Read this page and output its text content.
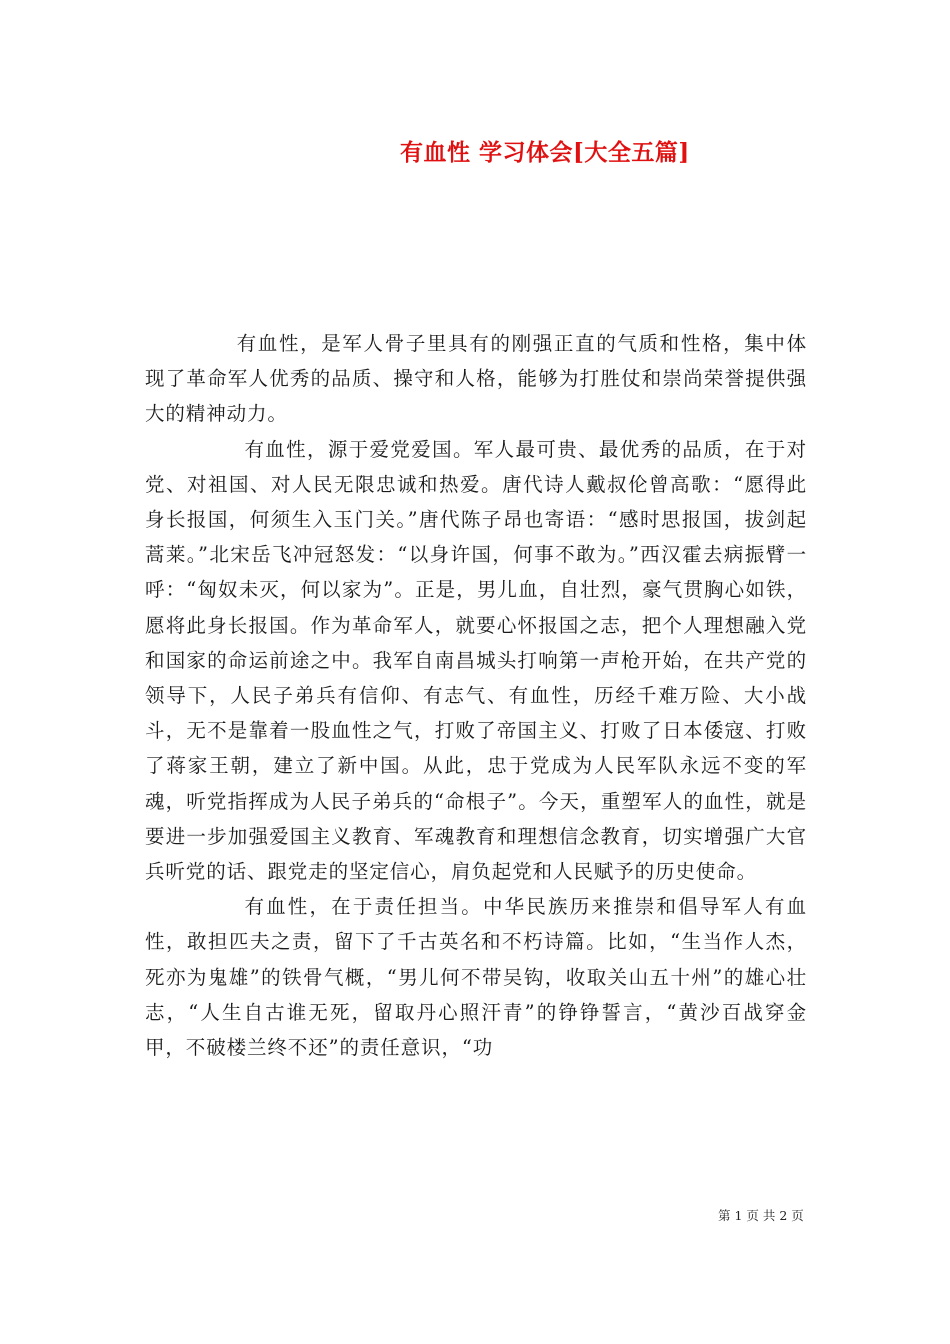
有血性 学习体会[大全五篇]

有血性，是军人骨子里具有的刚强正直的气质和性格，集中体现了革命军人优秀的品质、操守和人格，能够为打胜仗和崇尚荣誉提供强大的精神动力。

有血性，源于爱党爱国。军人最可贵、最优秀的品质，在于对党、对祖国、对人民无限忠诚和热爱。唐代诗人戴叔伦曾高歌：“愿得此身长报国，何须生入玉门关。”唐代陈子昂也寄语：“感时思报国，拔剑起蒿莱。”北宋岳飞冲冠怒发：“以身许国，何事不敢为。”西汉霍去病振臂一呼：“匈奴未灭，何以家为”。正是，男儿血，自壮烈，豪气贯胸心如铁，愿将此身长报国。作为革命军人，就要心怀报国之志，把个人理想融入党和国家的命运前途之中。我军自南昌城头打响第一声枪开始，在共产党的领导下，人民子弟兵有信仰、有志气、有血性，历经千难万险、大小战斗，无不是靠着一股血性之气，打败了帝国主义、打败了日本倭寇、打败了蒋家王朝，建立了新中国。从此，忠于党成为人民军队永远不变的军魂，听党指挥成为人民子弟兵的“命根子”。今天，重塑军人的血性，就是要进一步加强爱国主义教育、军魂教育和理想信念教育，切实增强广大官兵听党的话、跟党走的坚定信心，肩负起党和人民赋予的历史使命。

有血性，在于责任担当。中华民族历来推崇和倡导军人有血性，敢担匹夫之责，留下了千古英名和不朽诗篇。比如，“生当作人杰，死亦为鬼雄”的铁骨气概，“男儿何不带吴钩，收取关山五十州”的雄心壮志，“人生自古谁无死，留取丹心照汗青”的铮铮誓言，“黄沙百战穿金甲，不破楼兰终不还”的责任意识，“功

第 1 页 共 2 页
